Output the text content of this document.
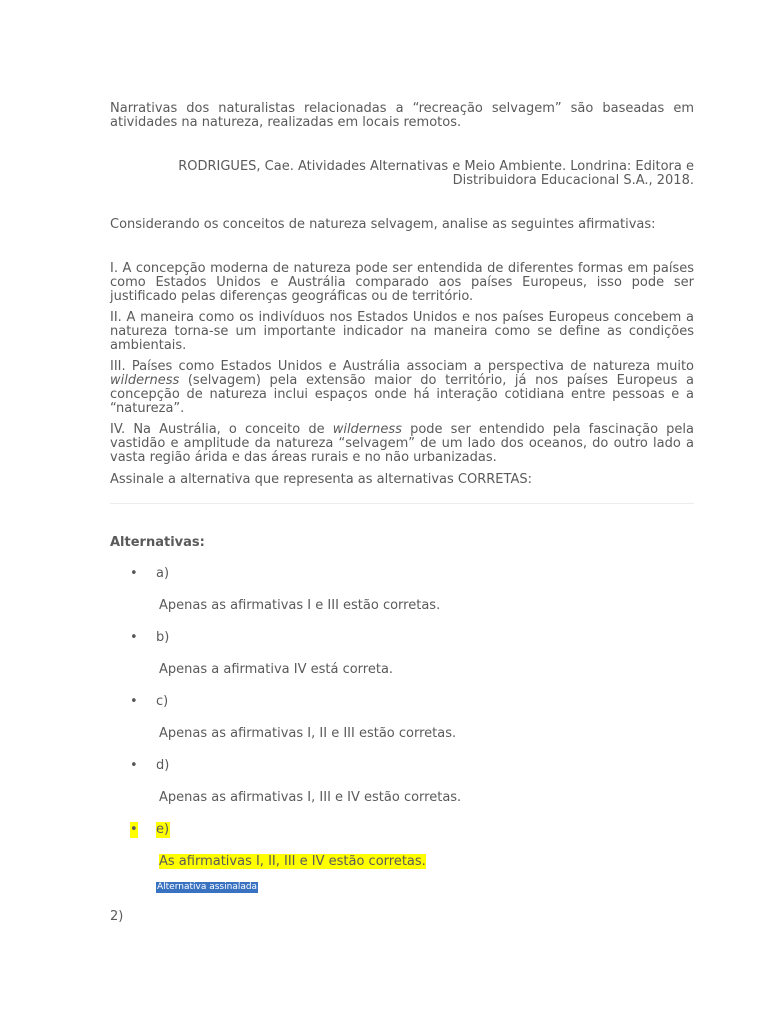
Narrativas dos naturalistas relacionadas a “recreação selvagem” são baseadas em atividades na natureza, realizadas em locais remotos.

RODRIGUES, Cae. Atividades Alternativas e Meio Ambiente. Londrina: Editora e

Distribuidora Educacional S.A., 2018.

Considerando os conceitos de natureza selvagem, analise as seguintes afirmativas:

I. A concepção moderna de natureza pode ser entendida de diferentes formas em países como Estados Unidos e Austrália comparado aos países Europeus, isso pode ser justificado pelas diferenças geográficas ou de território.

II. A maneira como os indivíduos nos Estados Unidos e nos países Europeus concebem a natureza torna-se um importante indicador na maneira como se define as condições ambientais.

III. Países como Estados Unidos e Austrália associam a perspectiva de natureza muito wilderness (selvagem) pela extensão maior do território, já nos países Europeus a concepção de natureza inclui espaços onde há interação cotidiana entre pessoas e a “natureza”.

IV. Na Austrália, o conceito de wilderness pode ser entendido pela fascinação pela vastidão e amplitude da natureza “selvagem” de um lado dos oceanos, do outro lado a vasta região árida e das áreas rurais e no não urbanizadas.

Assinale a alternativa que representa as alternativas CORRETAS:

Alternativas:

• a)

Apenas as afirmativas I e III estão corretas.

• b)

Apenas a afirmativa IV está correta.

• c)

Apenas as afirmativas I, II e III estão corretas.

• d)

Apenas as afirmativas I, III e IV estão corretas.

• e)

As afirmativas I, II, III e IV estão corretas.

Alternativa assinalada

2)
